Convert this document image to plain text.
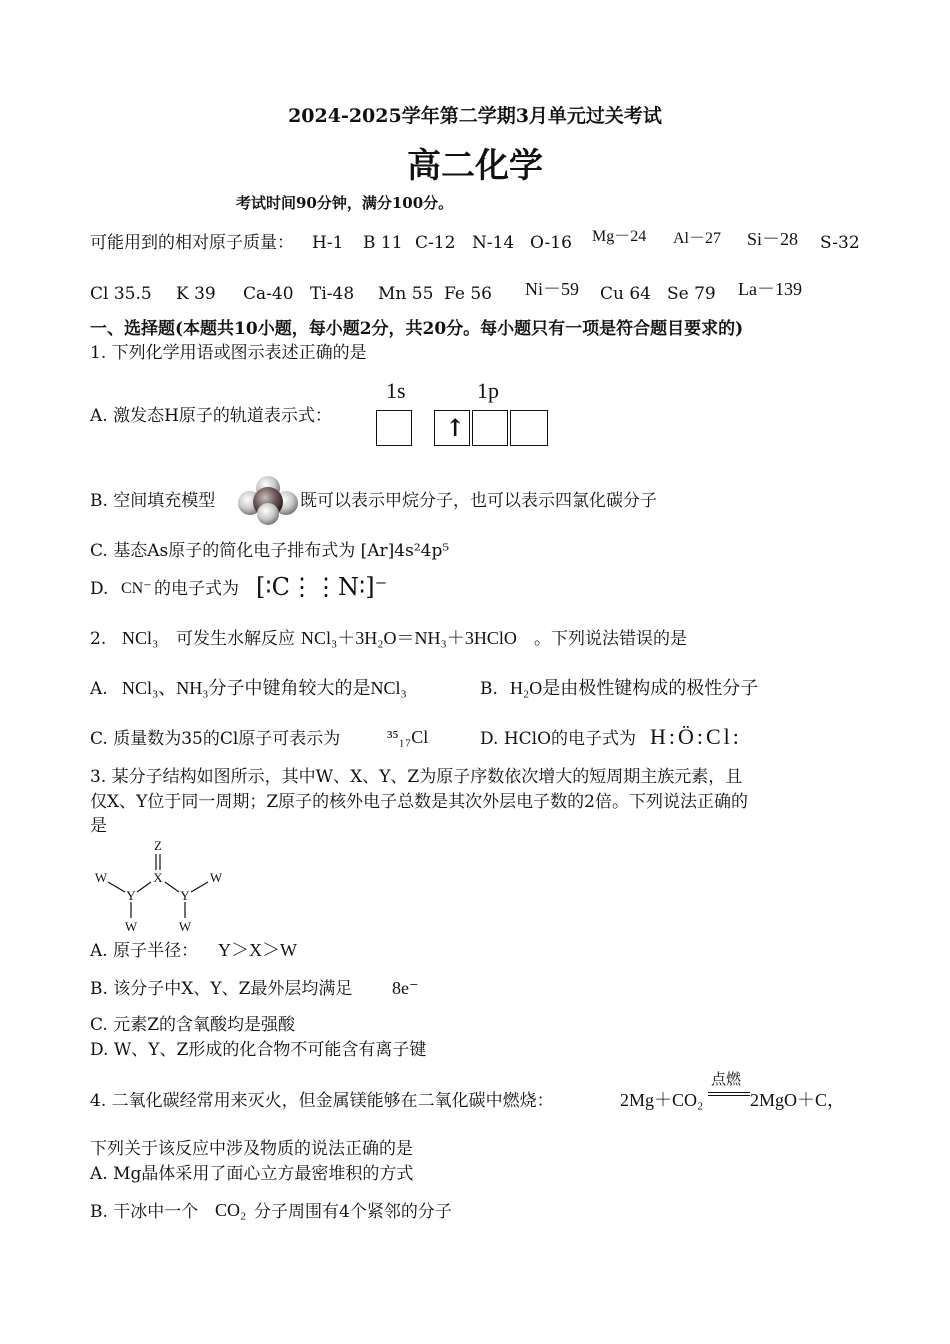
2024-2025学年第二学期3月单元过关考试
高二化学
考试时间90分钟，满分100分。
可能用到的相对原子质量： H-1 B 11 C-12 N-14 O-16 Mg－24 Al－27 Si－28 S-32
Cl 35.5 K 39 Ca-40 Ti-48 Mn 55 Fe 56 Ni－59 Cu 64 Se 79 La－139
一、选择题(本题共10小题，每小题2分，共20分。每小题只有一项是符合题目要求的)
1. 下列化学用语或图示表述正确的是
A. 激发态H原子的轨道表示式：
1s	1p
↑
B. 空间填充模型	既可以表示甲烷分子，也可以表示四氯化碳分子
C. 基态As原子的简化电子排布式为 [Ar]4s²4p⁵
D. CN⁻ 的电子式为 [∶C⋮⋮N∶]⁻
2. NCl₃ 可发生水解反应 NCl₃＋3H₂O＝NH₃＋3HClO 。下列说法错误的是
A. NCl₃、NH₃分子中键角较大的是NCl₃	B. H₂O是由极性键构成的极性分子
C. 质量数为35的Cl原子可表示为	³⁵₁₇Cl	D. HClO的电子式为 H:Ö:Cl:
3. 某分子结构如图所示，其中W、X、Y、Z为原子序数依次增大的短周期主族元素，且
仅X、Y位于同一周期；Z原子的核外电子总数是其次外层电子数的2倍。下列说法正确的
是
Z
X
W
Y	Y
W
W	W
A. 原子半径： Y＞X＞W
B. 该分子中X、Y、Z最外层均满足 8e⁻
C. 元素Z的含氧酸均是强酸
D. W、Y、Z形成的化合物不可能含有离子键
4. 二氧化碳经常用来灭火，但金属镁能够在二氧化碳中燃烧：	2Mg＋CO₂
点燃
2MgO＋C，
下列关于该反应中涉及物质的说法正确的是
A. Mg晶体采用了面心立方最密堆积的方式
B. 干冰中一个 CO₂ 分子周围有4个紧邻的分子
